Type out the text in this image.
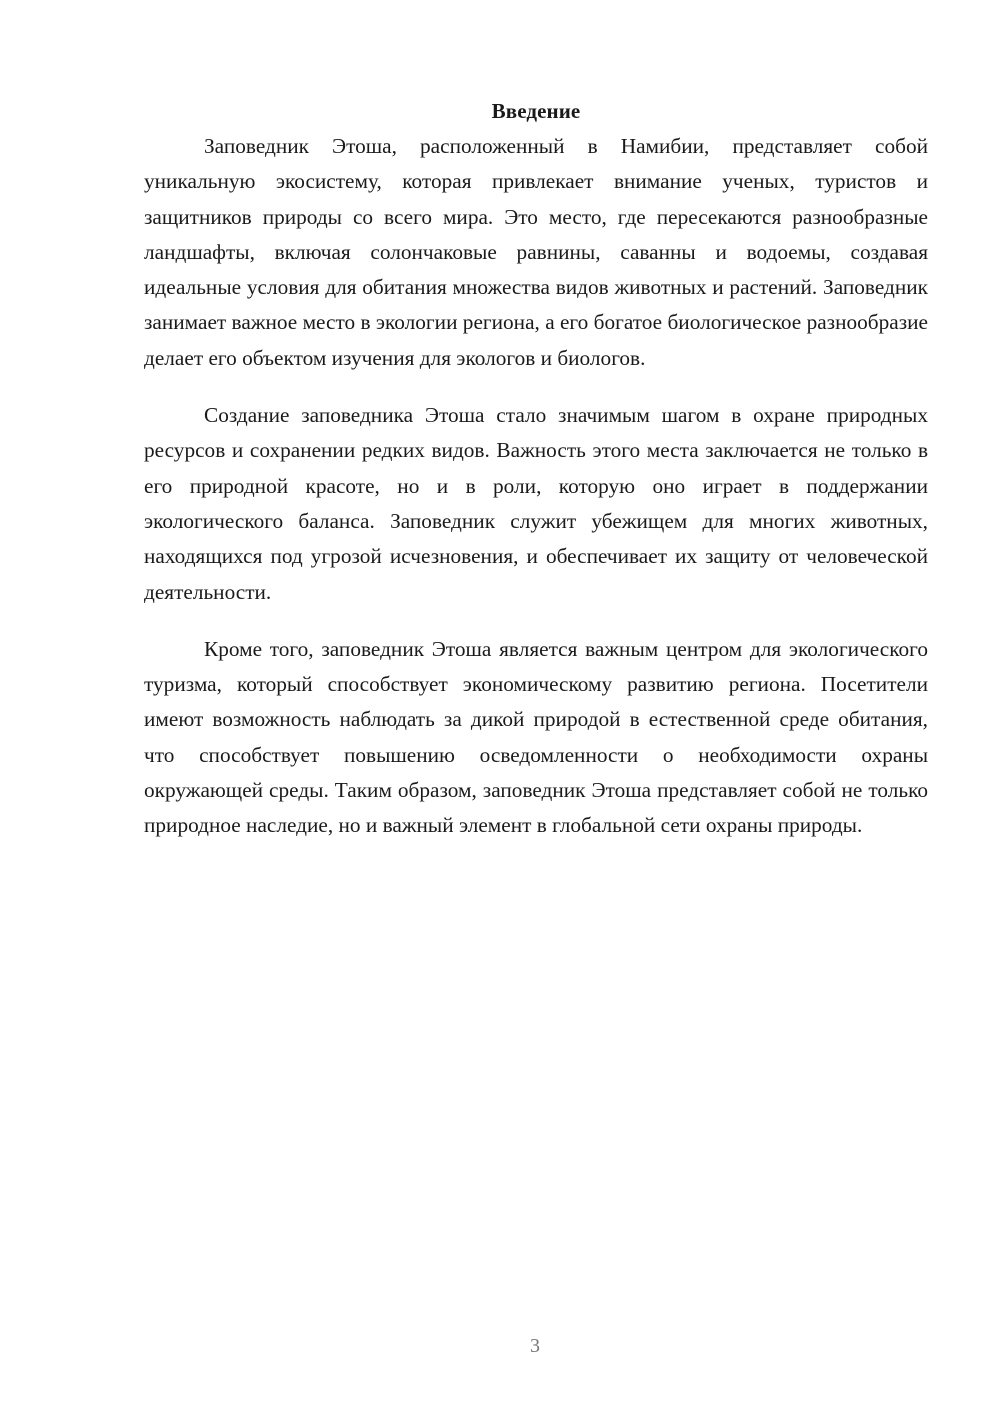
Введение

Заповедник Этоша, расположенный в Намибии, представляет собой уникальную экосистему, которая привлекает внимание ученых, туристов и защитников природы со всего мира. Это место, где пересекаются разнообразные ландшафты, включая солончаковые равнины, саванны и водоемы, создавая идеальные условия для обитания множества видов животных и растений. Заповедник занимает важное место в экологии региона, а его богатое биологическое разнообразие делает его объектом изучения для экологов и биологов.

Создание заповедника Этоша стало значимым шагом в охране природных ресурсов и сохранении редких видов. Важность этого места заключается не только в его природной красоте, но и в роли, которую оно играет в поддержании экологического баланса. Заповедник служит убежищем для многих животных, находящихся под угрозой исчезновения, и обеспечивает их защиту от человеческой деятельности.

Кроме того, заповедник Этоша является важным центром для экологического туризма, который способствует экономическому развитию региона. Посетители имеют возможность наблюдать за дикой природой в естественной среде обитания, что способствует повышению осведомленности о необходимости охраны окружающей среды. Таким образом, заповедник Этоша представляет собой не только природное наследие, но и важный элемент в глобальной сети охраны природы.

3
